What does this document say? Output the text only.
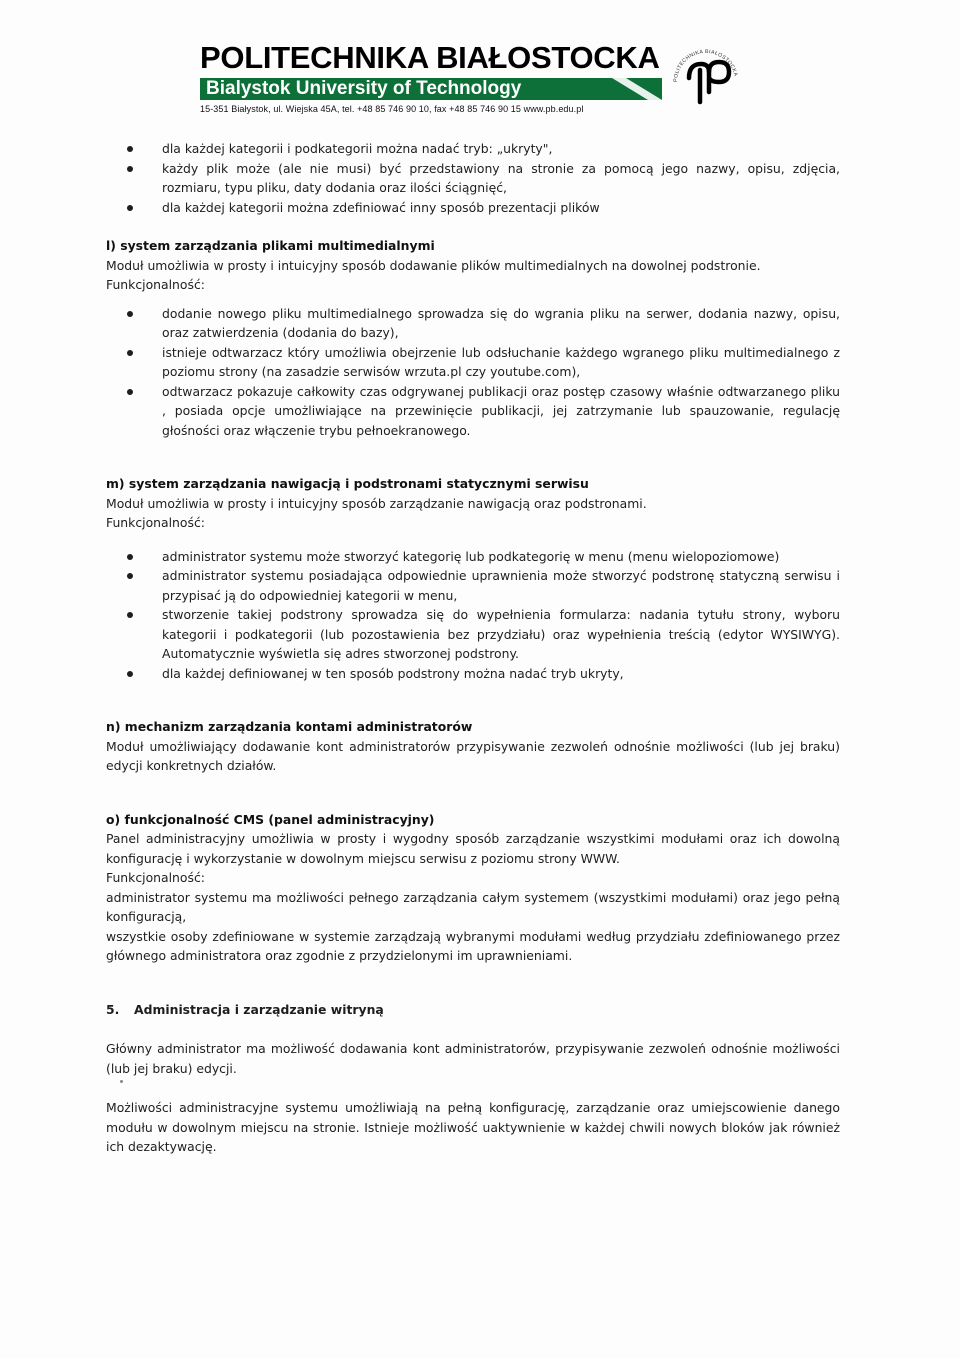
POLITECHNIKA BIAŁOSTOCKA
Bialystok University of Technology
15-351 Białystok, ul. Wiejska 45A, tel. +48 85 746 90 10, fax +48 85 746 90 15 www.pb.edu.pl
POLITECHNIKA BIAŁOSTOCKA
dla każdej kategorii i podkategorii można nadać tryb: „ukryty",
każdy plik może (ale nie musi) być przedstawiony na stronie za pomocą jego nazwy, opisu, zdjęcia, rozmiaru, typu pliku, daty dodania oraz ilości ściągnięć,
dla każdej kategorii można zdefiniować inny sposób prezentacji plików
l) system zarządzania plikami multimedialnymi
Moduł umożliwia w prosty i intuicyjny sposób dodawanie plików multimedialnych na dowolnej podstronie.
Funkcjonalność:
dodanie nowego pliku multimedialnego sprowadza się do wgrania pliku na serwer, dodania nazwy, opisu, oraz zatwierdzenia (dodania do bazy),
istnieje odtwarzacz który umożliwia obejrzenie lub odsłuchanie każdego wgranego pliku multimedialnego z poziomu strony (na zasadzie serwisów wrzuta.pl czy youtube.com),
odtwarzacz pokazuje całkowity czas odgrywanej publikacji oraz postęp czasowy właśnie odtwarzanego pliku , posiada opcje umożliwiające na przewinięcie publikacji, jej zatrzymanie lub spauzowanie, regulację głośności oraz włączenie trybu pełnoekranowego.
m) system zarządzania nawigacją i podstronami statycznymi serwisu
Moduł umożliwia w prosty i intuicyjny sposób zarządzanie nawigacją oraz podstronami.
Funkcjonalność:
administrator systemu może stworzyć kategorię lub podkategorię w menu (menu wielopoziomowe)
administrator systemu posiadająca odpowiednie uprawnienia może stworzyć podstronę statyczną serwisu i przypisać ją do odpowiedniej kategorii w menu,
stworzenie takiej podstrony sprowadza się do wypełnienia formularza: nadania tytułu strony, wyboru kategorii i podkategorii (lub pozostawienia bez przydziału) oraz wypełnienia treścią (edytor WYSIWYG). Automatycznie wyświetla się adres stworzonej podstrony.
dla każdej definiowanej w ten sposób podstrony można nadać tryb ukryty,
n) mechanizm zarządzania kontami administratorów
Moduł umożliwiający dodawanie kont administratorów przypisywanie zezwoleń odnośnie możliwości (lub jej braku) edycji konkretnych działów.
o) funkcjonalność CMS (panel administracyjny)
Panel administracyjny umożliwia w prosty i wygodny sposób zarządzanie wszystkimi modułami oraz ich dowolną konfigurację i wykorzystanie w dowolnym miejscu serwisu z poziomu strony WWW.
Funkcjonalność:
administrator systemu ma możliwości pełnego zarządzania całym systemem (wszystkimi modułami) oraz jego pełną konfiguracją,
wszystkie osoby zdefiniowane w systemie zarządzają wybranymi modułami według przydziału zdefiniowanego przez głównego administratora oraz zgodnie z przydzielonymi im uprawnieniami.
5. Administracja i zarządzanie witryną
Główny administrator ma możliwość dodawania kont administratorów, przypisywanie zezwoleń odnośnie możliwości (lub jej braku) edycji.
Możliwości administracyjne systemu umożliwiają na pełną konfigurację, zarządzanie oraz umiejscowienie danego modułu w dowolnym miejscu na stronie. Istnieje możliwość uaktywnienie w każdej chwili nowych bloków jak również ich dezaktywację.
